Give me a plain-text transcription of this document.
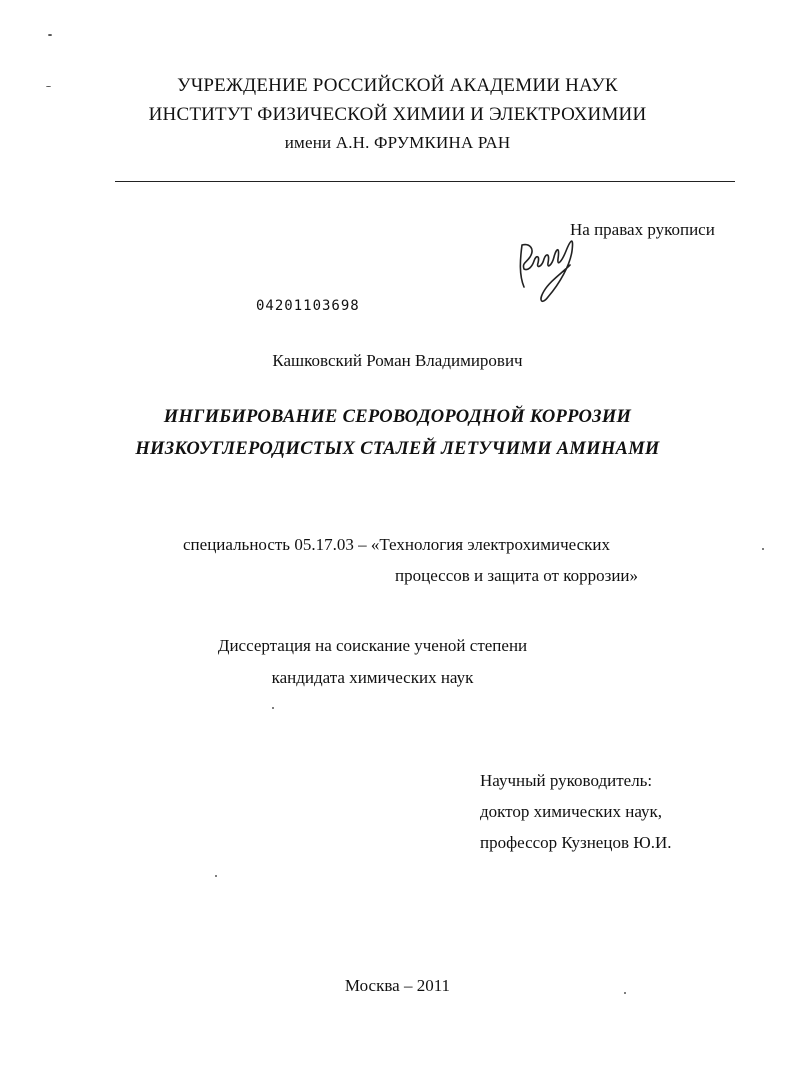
УЧРЕЖДЕНИЕ РОССИЙСКОЙ АКАДЕМИИ НАУК
ИНСТИТУТ ФИЗИЧЕСКОЙ ХИМИИ И ЭЛЕКТРОХИМИИ
имени А.Н. ФРУМКИНА РАН
На правах рукописи
04201103698
Кашковский Роман Владимирович
ИНГИБИРОВАНИЕ СЕРОВОДОРОДНОЙ КОРРОЗИИ
НИЗКОУГЛЕРОДИСТЫХ СТАЛЕЙ ЛЕТУЧИМИ АМИНАМИ
специальность 05.17.03 – «Технология электрохимических
процессов и защита от коррозии»
Диссертация на соискание ученой степени
кандидата химических наук
Научный руководитель:
доктор химических наук,
профессор Кузнецов Ю.И.
Москва – 2011
